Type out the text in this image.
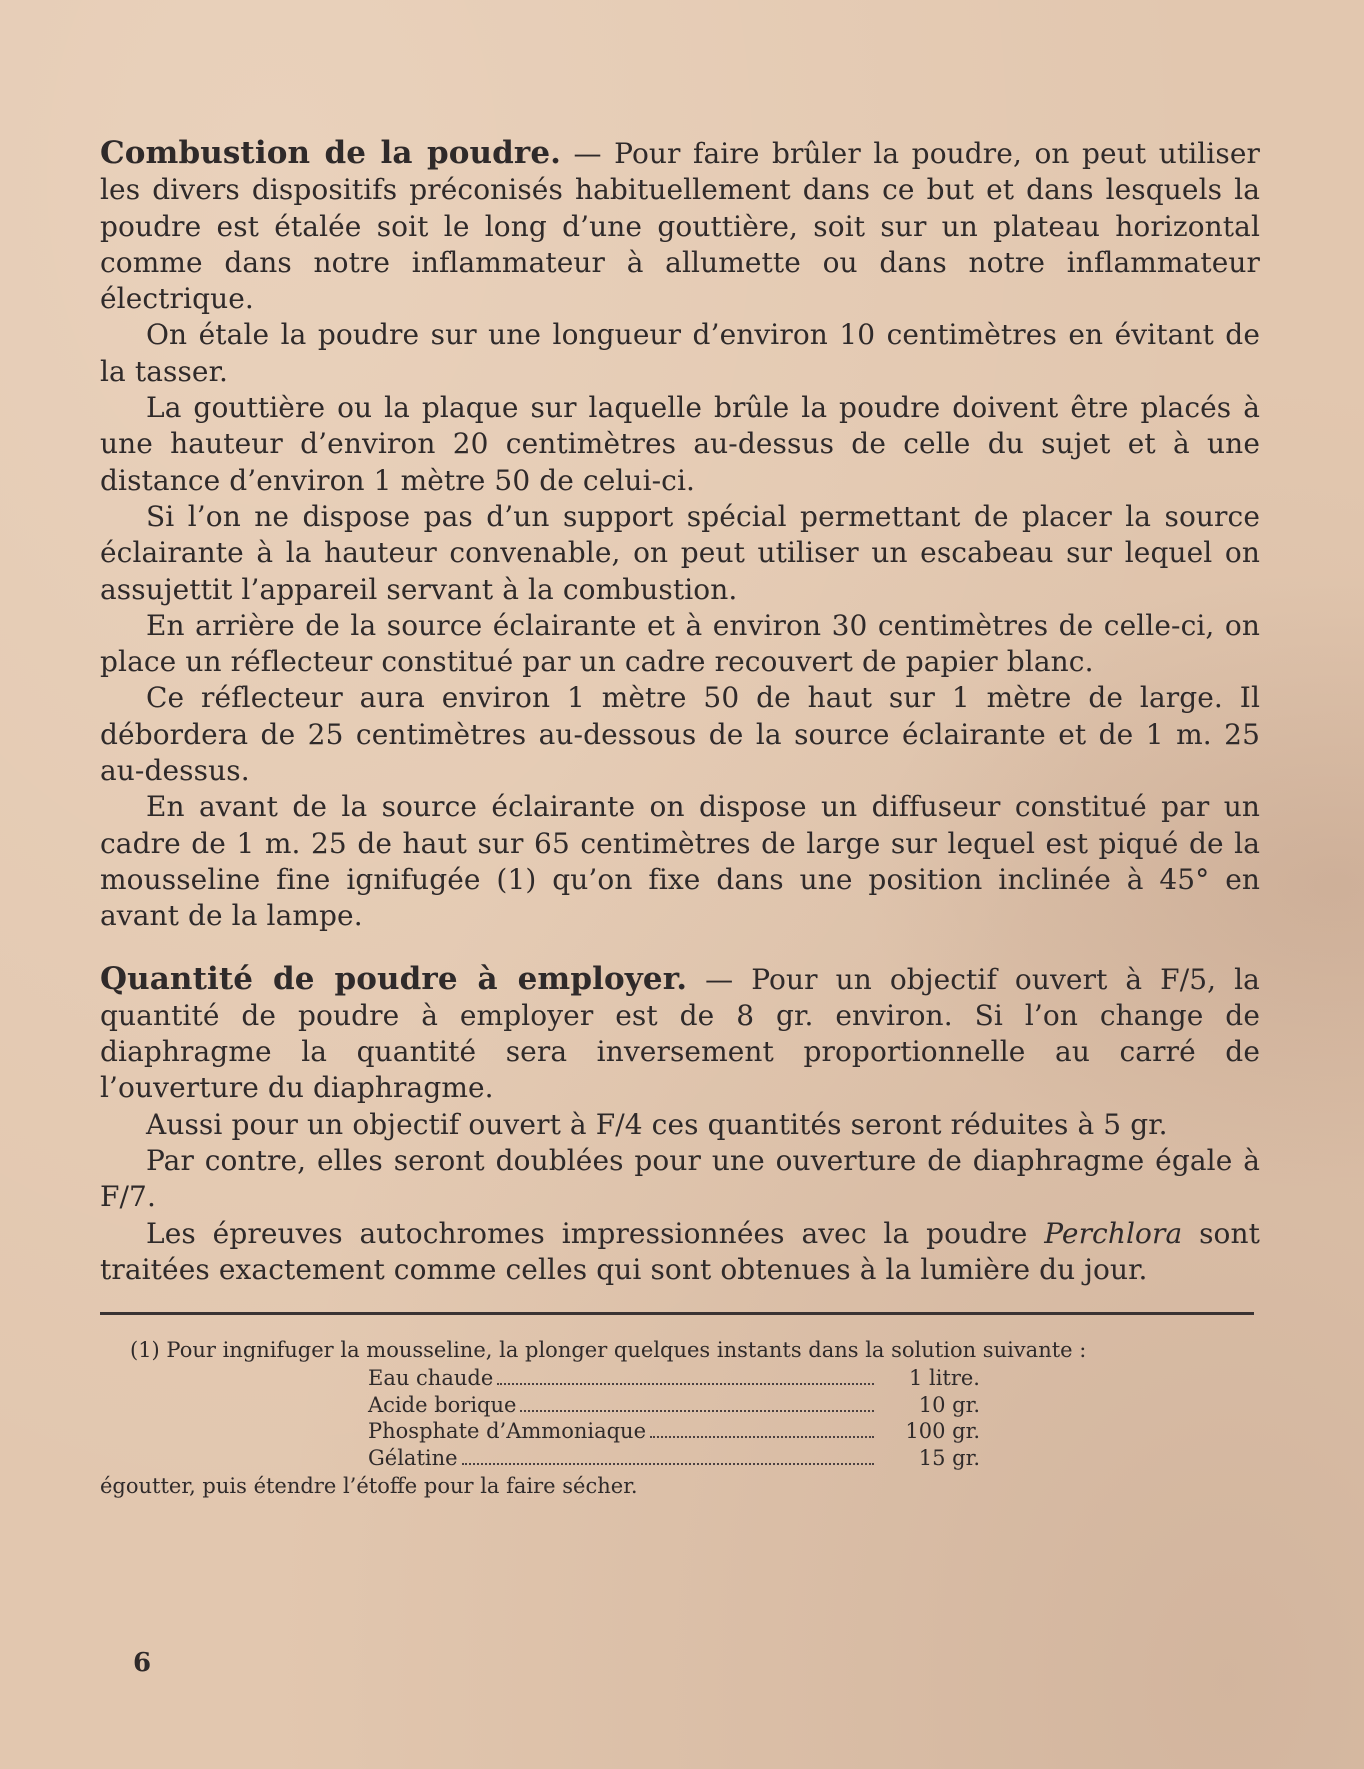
Combustion de la poudre. — Pour faire brûler la poudre, on peut utiliser les divers dispositifs préconisés habituellement dans ce but et dans lesquels la poudre est étalée soit le long d’une gouttière, soit sur un plateau horizontal comme dans notre inflammateur à allumette ou dans notre inflammateur électrique.

On étale la poudre sur une longueur d’environ 10 centimètres en évitant de la tasser.

La gouttière ou la plaque sur laquelle brûle la poudre doivent être placés à une hauteur d’environ 20 centimètres au-dessus de celle du sujet et à une distance d’environ 1 mètre 50 de celui-ci.

Si l’on ne dispose pas d’un support spécial permettant de placer la source éclairante à la hauteur convenable, on peut utiliser un escabeau sur lequel on assujettit l’appareil servant à la combustion.

En arrière de la source éclairante et à environ 30 centimètres de celle-ci, on place un réflecteur constitué par un cadre recouvert de papier blanc.

Ce réflecteur aura environ 1 mètre 50 de haut sur 1 mètre de large. Il débordera de 25 centimètres au-dessous de la source éclairante et de 1 m. 25 au-dessus.

En avant de la source éclairante on dispose un diffuseur constitué par un cadre de 1 m. 25 de haut sur 65 centimètres de large sur lequel est piqué de la mousseline fine ignifugée (1) qu’on fixe dans une position inclinée à 45° en avant de la lampe.

Quantité de poudre à employer. — Pour un objectif ouvert à F/5, la quantité de poudre à employer est de 8 gr. environ. Si l’on change de diaphragme la quantité sera inversement proportionnelle au carré de l’ouverture du diaphragme.

Aussi pour un objectif ouvert à F/4 ces quantités seront réduites à 5 gr.

Par contre, elles seront doublées pour une ouverture de diaphragme égale à F/7.

Les épreuves autochromes impressionnées avec la poudre Perchlora sont traitées exactement comme celles qui sont obtenues à la lumière du jour.

(1) Pour ingnifuger la mousseline, la plonger quelques instants dans la solution suivante :

Eau chaude	1 litre.
Acide borique	10 gr.
Phosphate d’Ammoniaque	100 gr.
Gélatine	15 gr.

égoutter, puis étendre l’étoffe pour la faire sécher.

6
